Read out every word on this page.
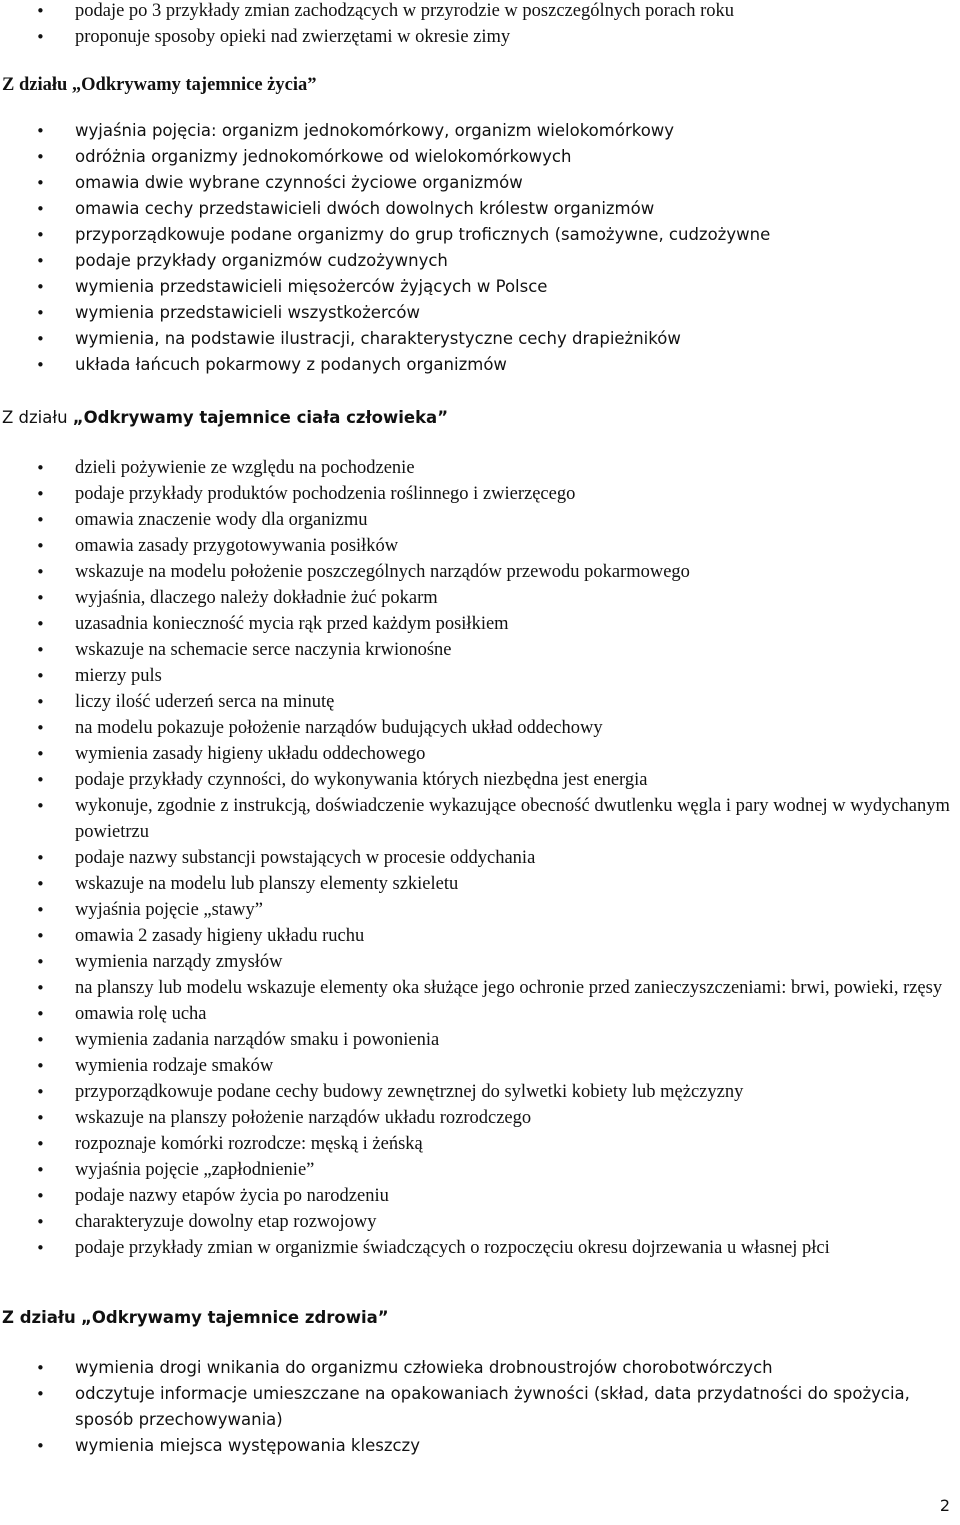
• podaje po 3 przykłady zmian zachodzących w przyrodzie w poszczególnych porach roku
• proponuje sposoby opieki nad zwierzętami w okresie zimy
Z działu „Odkrywamy tajemnice życia”
• wyjaśnia pojęcia: organizm jednokomórkowy, organizm wielokomórkowy
• odróżnia organizmy jednokomórkowe od wielokomórkowych
• omawia dwie wybrane czynności życiowe organizmów
• omawia cechy przedstawicieli dwóch dowolnych królestw organizmów
• przyporządkowuje podane organizmy do grup troficznych (samożywne, cudzożywne
• podaje przykłady organizmów cudzożywnych
• wymienia przedstawicieli mięsożerców żyjących w Polsce
• wymienia przedstawicieli wszystkożerców
• wymienia, na podstawie ilustracji, charakterystyczne cechy drapieżników
• układa łańcuch pokarmowy z podanych organizmów
Z działu „Odkrywamy tajemnice ciała człowieka”
• dzieli pożywienie ze względu na pochodzenie
• podaje przykłady produktów pochodzenia roślinnego i zwierzęcego
• omawia znaczenie wody dla organizmu
• omawia zasady przygotowywania posiłków
• wskazuje na modelu położenie poszczególnych narządów przewodu pokarmowego
• wyjaśnia, dlaczego należy dokładnie żuć pokarm
• uzasadnia konieczność mycia rąk przed każdym posiłkiem
• wskazuje na schemacie serce naczynia krwionośne
• mierzy puls
• liczy ilość uderzeń serca na minutę
• na modelu pokazuje położenie narządów budujących układ oddechowy
• wymienia zasady higieny układu oddechowego
• podaje przykłady czynności, do wykonywania których niezbędna jest energia
• wykonuje, zgodnie z instrukcją, doświadczenie wykazujące obecność dwutlenku węgla i pary wodnej w wydychanym powietrzu
• podaje nazwy substancji powstających w procesie oddychania
• wskazuje na modelu lub planszy elementy szkieletu
• wyjaśnia pojęcie „stawy”
• omawia 2 zasady higieny układu ruchu
• wymienia narządy zmysłów
• na planszy lub modelu wskazuje elementy oka służące jego ochronie przed zanieczyszczeniami: brwi, powieki, rzęsy
• omawia rolę ucha
• wymienia zadania narządów smaku i powonienia
• wymienia rodzaje smaków
• przyporządkowuje podane cechy budowy zewnętrznej do sylwetki kobiety lub mężczyzny
• wskazuje na planszy położenie narządów układu rozrodczego
• rozpoznaje komórki rozrodcze: męską i żeńską
• wyjaśnia pojęcie „zapłodnienie”
• podaje nazwy etapów życia po narodzeniu
• charakteryzuje dowolny etap rozwojowy
• podaje przykłady zmian w organizmie świadczących o rozpoczęciu okresu dojrzewania u własnej płci
Z działu „Odkrywamy tajemnice zdrowia”
• wymienia drogi wnikania do organizmu człowieka drobnoustrojów chorobotwórczych
• odczytuje informacje umieszczane na opakowaniach żywności (skład, data przydatności do spożycia, sposób przechowywania)
• wymienia miejsca występowania kleszczy
2
